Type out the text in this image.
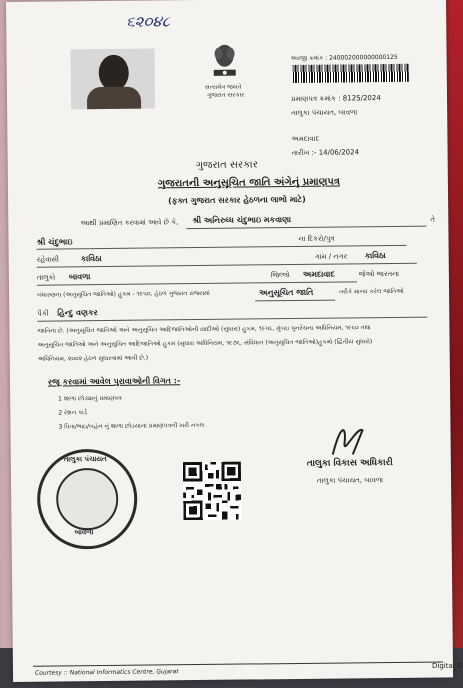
૬૨૦૪૮
સત્યમેવ જયતે
ગુજરાત સરકાર
અરજી ક્રમાંક : 240002000000000125
પ્રમાણપત્ર ક્રમાંક : 8125/2024
તાલુકા પંચાયત, બાવળા
અમદાવાદ
તારીખ :- 14/06/2024
ગુજરાત સરકાર
ગુજરાતની અનુસૂચિત જાતિ અંગેનું પ્રમાણપત્ર
(ફક્ત ગુજરાત સરકાર હેઠળના લાભો માટે)
આથી પ્રમાણિત કરવામાં આવે છે કે, શ્રી અનિરુધ્ધ ચંદુભાઇ મકવાણા	તે
શ્રી ચંદુભાઇ	ના દિકરો/પુત્ર
રહેવાસી	કાવિઠા	ગામ / નગર કાવિઠા
તાલુકો બાવળા	જિલ્લો અમદાવાદ	જેઓ ભારતના
બંધારણના (અનુસૂચિત જાતિઓ) હુકમ - ૧૯૫૦, હેઠળ ગુજરાત રાજ્યમાં	અનુસૂચિત જાતિ	તરીકે માન્ય કરેલ જાતિઓ
પૈકી હિન્દુ વણકર
જાતિના છે. (અનુસૂચિત જાતિઓ અને અનુસૂચિત આદિજાતિઓની યાદીઓ (સુધારા) હુકમ, ૧૯૫૬, મુંબઇ પુનર્રચના અધિનિયમ, ૧૯૬૦ તથા
અનુસૂચિત જાતિઓ અને અનુસૂચિત આદિજાતિઓ હુકમ (સુધારા અધિનિયમ, ૧૯૭૬, સંવિધાન (અનુસૂચિત જાતિઓ)હુકમો (દ્વિતીય સુધારો)
અધિનિયમ, ૨૦૦૨ હેઠળ સુધારવામાં આવી છે.)
રજૂ કરવામાં આવેલ પુરાવાઓની વિગત :-
1 શાળા છોડ્યાનું પ્રમાણપત્ર
2 રેશન કાર્ડ
3 પિતા/ભાઇ/બહેન નું શાળા છોડયાનાં પ્રમાણપત્રની ખરી નકલ
તાલુકા વિકાસ અધિકારી
તાલુકા પંચાયત, બાવળા
તાલુકા પંચાયત
બાવળા
Courtesy :: National Informatics Centre, Gujarat
Digital G
